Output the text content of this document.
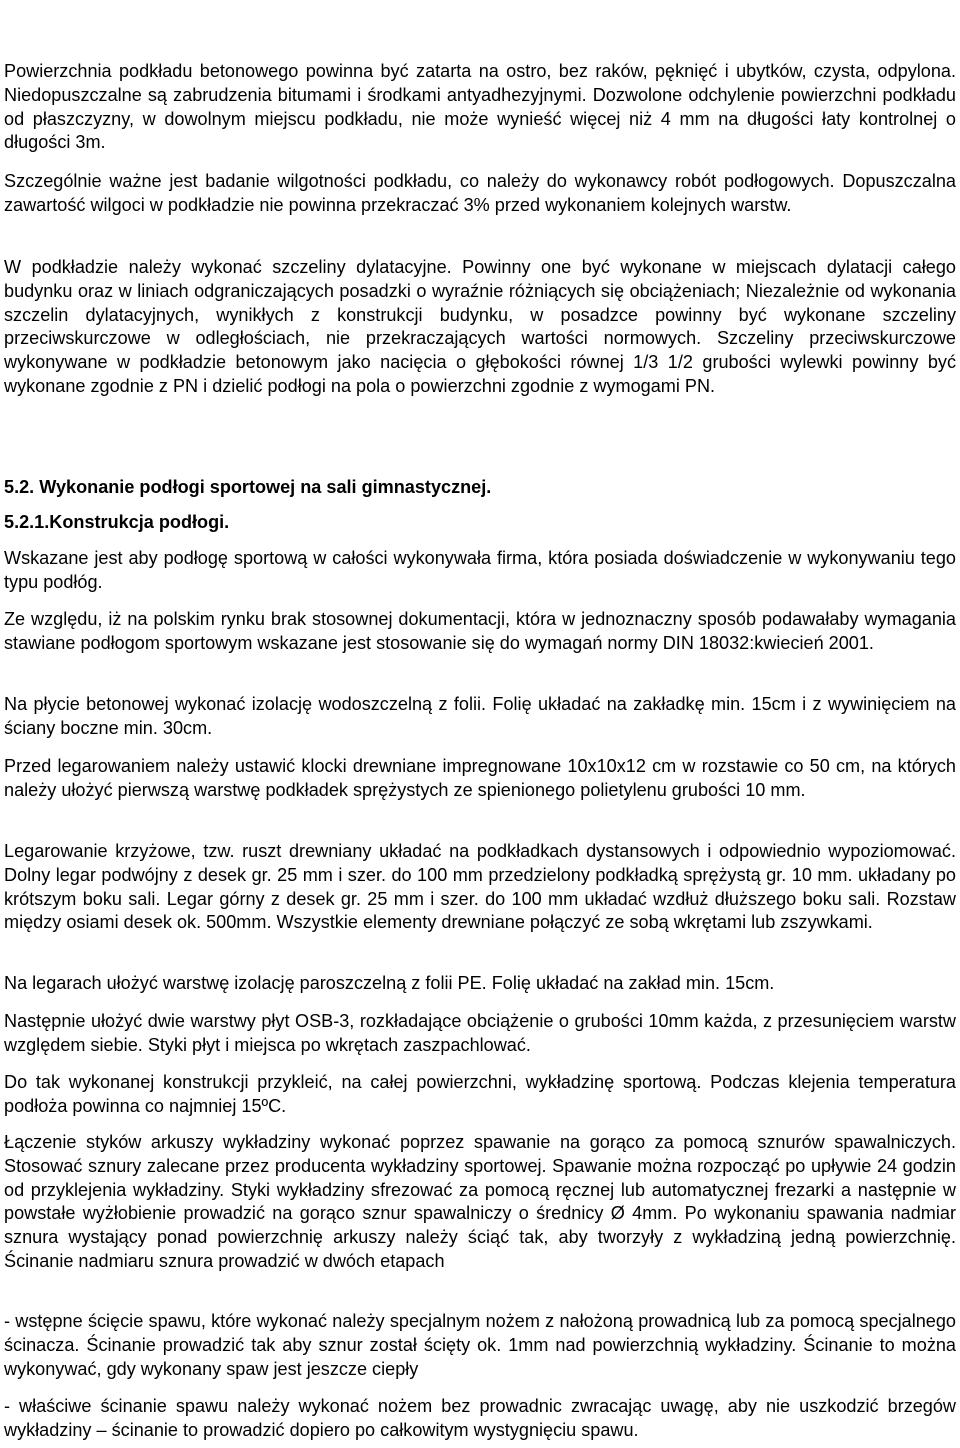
Powierzchnia podkładu betonowego powinna być zatarta na ostro, bez raków, pęknięć i ubytków, czysta, odpylona. Niedopuszczalne są zabrudzenia bitumami i środkami antyadhezyjnymi. Dozwolone odchylenie powierzchni podkładu od płaszczyzny, w dowolnym miejscu podkładu, nie może wynieść więcej niż 4 mm na długości łaty kontrolnej o długości 3m.

Szczególnie ważne jest badanie wilgotności podkładu, co należy do wykonawcy robót podłogowych. Dopuszczalna zawartość wilgoci w podkładzie nie powinna przekraczać 3% przed wykonaniem kolejnych warstw.

W podkładzie należy wykonać szczeliny dylatacyjne. Powinny one być wykonane w miejscach dylatacji całego budynku oraz w liniach odgraniczających posadzki o wyraźnie różniących się obciążeniach; Niezależnie od wykonania szczelin dylatacyjnych, wynikłych z konstrukcji budynku, w posadzce powinny być wykonane szczeliny przeciwskurczowe w odległościach, nie przekraczających wartości normowych. Szczeliny przeciwskurczowe wykonywane w podkładzie betonowym jako nacięcia o głębokości równej 1/3 1/2 grubości wylewki powinny być wykonane zgodnie z PN i dzielić podłogi na pola o powierzchni zgodnie z wymogami PN.

5.2. Wykonanie podłogi sportowej na sali gimnastycznej.

5.2.1.Konstrukcja podłogi.

Wskazane jest aby podłogę sportową w całości wykonywała firma, która posiada doświadczenie w wykonywaniu tego typu podłóg.

Ze względu, iż na polskim rynku brak stosownej dokumentacji, która w jednoznaczny sposób podawałaby wymagania stawiane podłogom sportowym wskazane jest stosowanie się do wymagań normy DIN 18032:kwiecień 2001.

Na płycie betonowej wykonać izolację wodoszczelną z folii. Folię układać na zakładkę min. 15cm i z wywinięciem na ściany boczne min. 30cm.

Przed legarowaniem należy ustawić klocki drewniane impregnowane 10x10x12 cm w rozstawie co 50 cm, na których należy ułożyć pierwszą warstwę podkładek sprężystych ze spienionego polietylenu grubości 10 mm.

Legarowanie krzyżowe, tzw. ruszt drewniany układać na podkładkach dystansowych i odpowiednio wypoziomować. Dolny legar podwójny z desek gr. 25 mm i szer. do 100 mm przedzielony podkładką sprężystą gr. 10 mm. układany po krótszym boku sali. Legar górny z desek gr. 25 mm i szer. do 100 mm układać wzdłuż dłuższego boku sali. Rozstaw między osiami desek ok. 500mm. Wszystkie elementy drewniane połączyć ze sobą wkrętami lub zszywkami.

Na legarach ułożyć warstwę izolację paroszczelną z folii PE. Folię układać na zakład min. 15cm.

Następnie ułożyć dwie warstwy płyt OSB-3, rozkładające obciążenie o grubości 10mm każda, z przesunięciem warstw względem siebie. Styki płyt i miejsca po wkrętach zaszpachlować.

Do tak wykonanej konstrukcji przykleić, na całej powierzchni, wykładzinę sportową. Podczas klejenia temperatura podłoża powinna co najmniej 15ºC.

Łączenie styków arkuszy wykładziny wykonać poprzez spawanie na gorąco za pomocą sznurów spawalniczych. Stosować sznury zalecane przez producenta wykładziny sportowej. Spawanie można rozpocząć po upływie 24 godzin od przyklejenia wykładziny. Styki wykładziny sfrezować za pomocą ręcznej lub automatycznej frezarki a następnie w powstałe wyżłobienie prowadzić na gorąco sznur spawalniczy o średnicy Ø 4mm. Po wykonaniu spawania nadmiar sznura wystający ponad powierzchnię arkuszy należy ściąć tak, aby tworzyły z wykładziną jedną powierzchnię. Ścinanie nadmiaru sznura prowadzić w dwóch etapach

- wstępne ścięcie spawu, które wykonać należy specjalnym nożem z nałożoną prowadnicą lub za pomocą specjalnego ścinacza. Ścinanie prowadzić tak aby sznur został ścięty ok. 1mm nad powierzchnią wykładziny. Ścinanie to można wykonywać, gdy wykonany spaw jest jeszcze ciepły

- właściwe ścinanie spawu należy wykonać nożem bez prowadnic zwracając uwagę, aby nie uszkodzić brzegów wykładziny – ścinanie to prowadzić dopiero po całkowitym wystygnięciu spawu.
